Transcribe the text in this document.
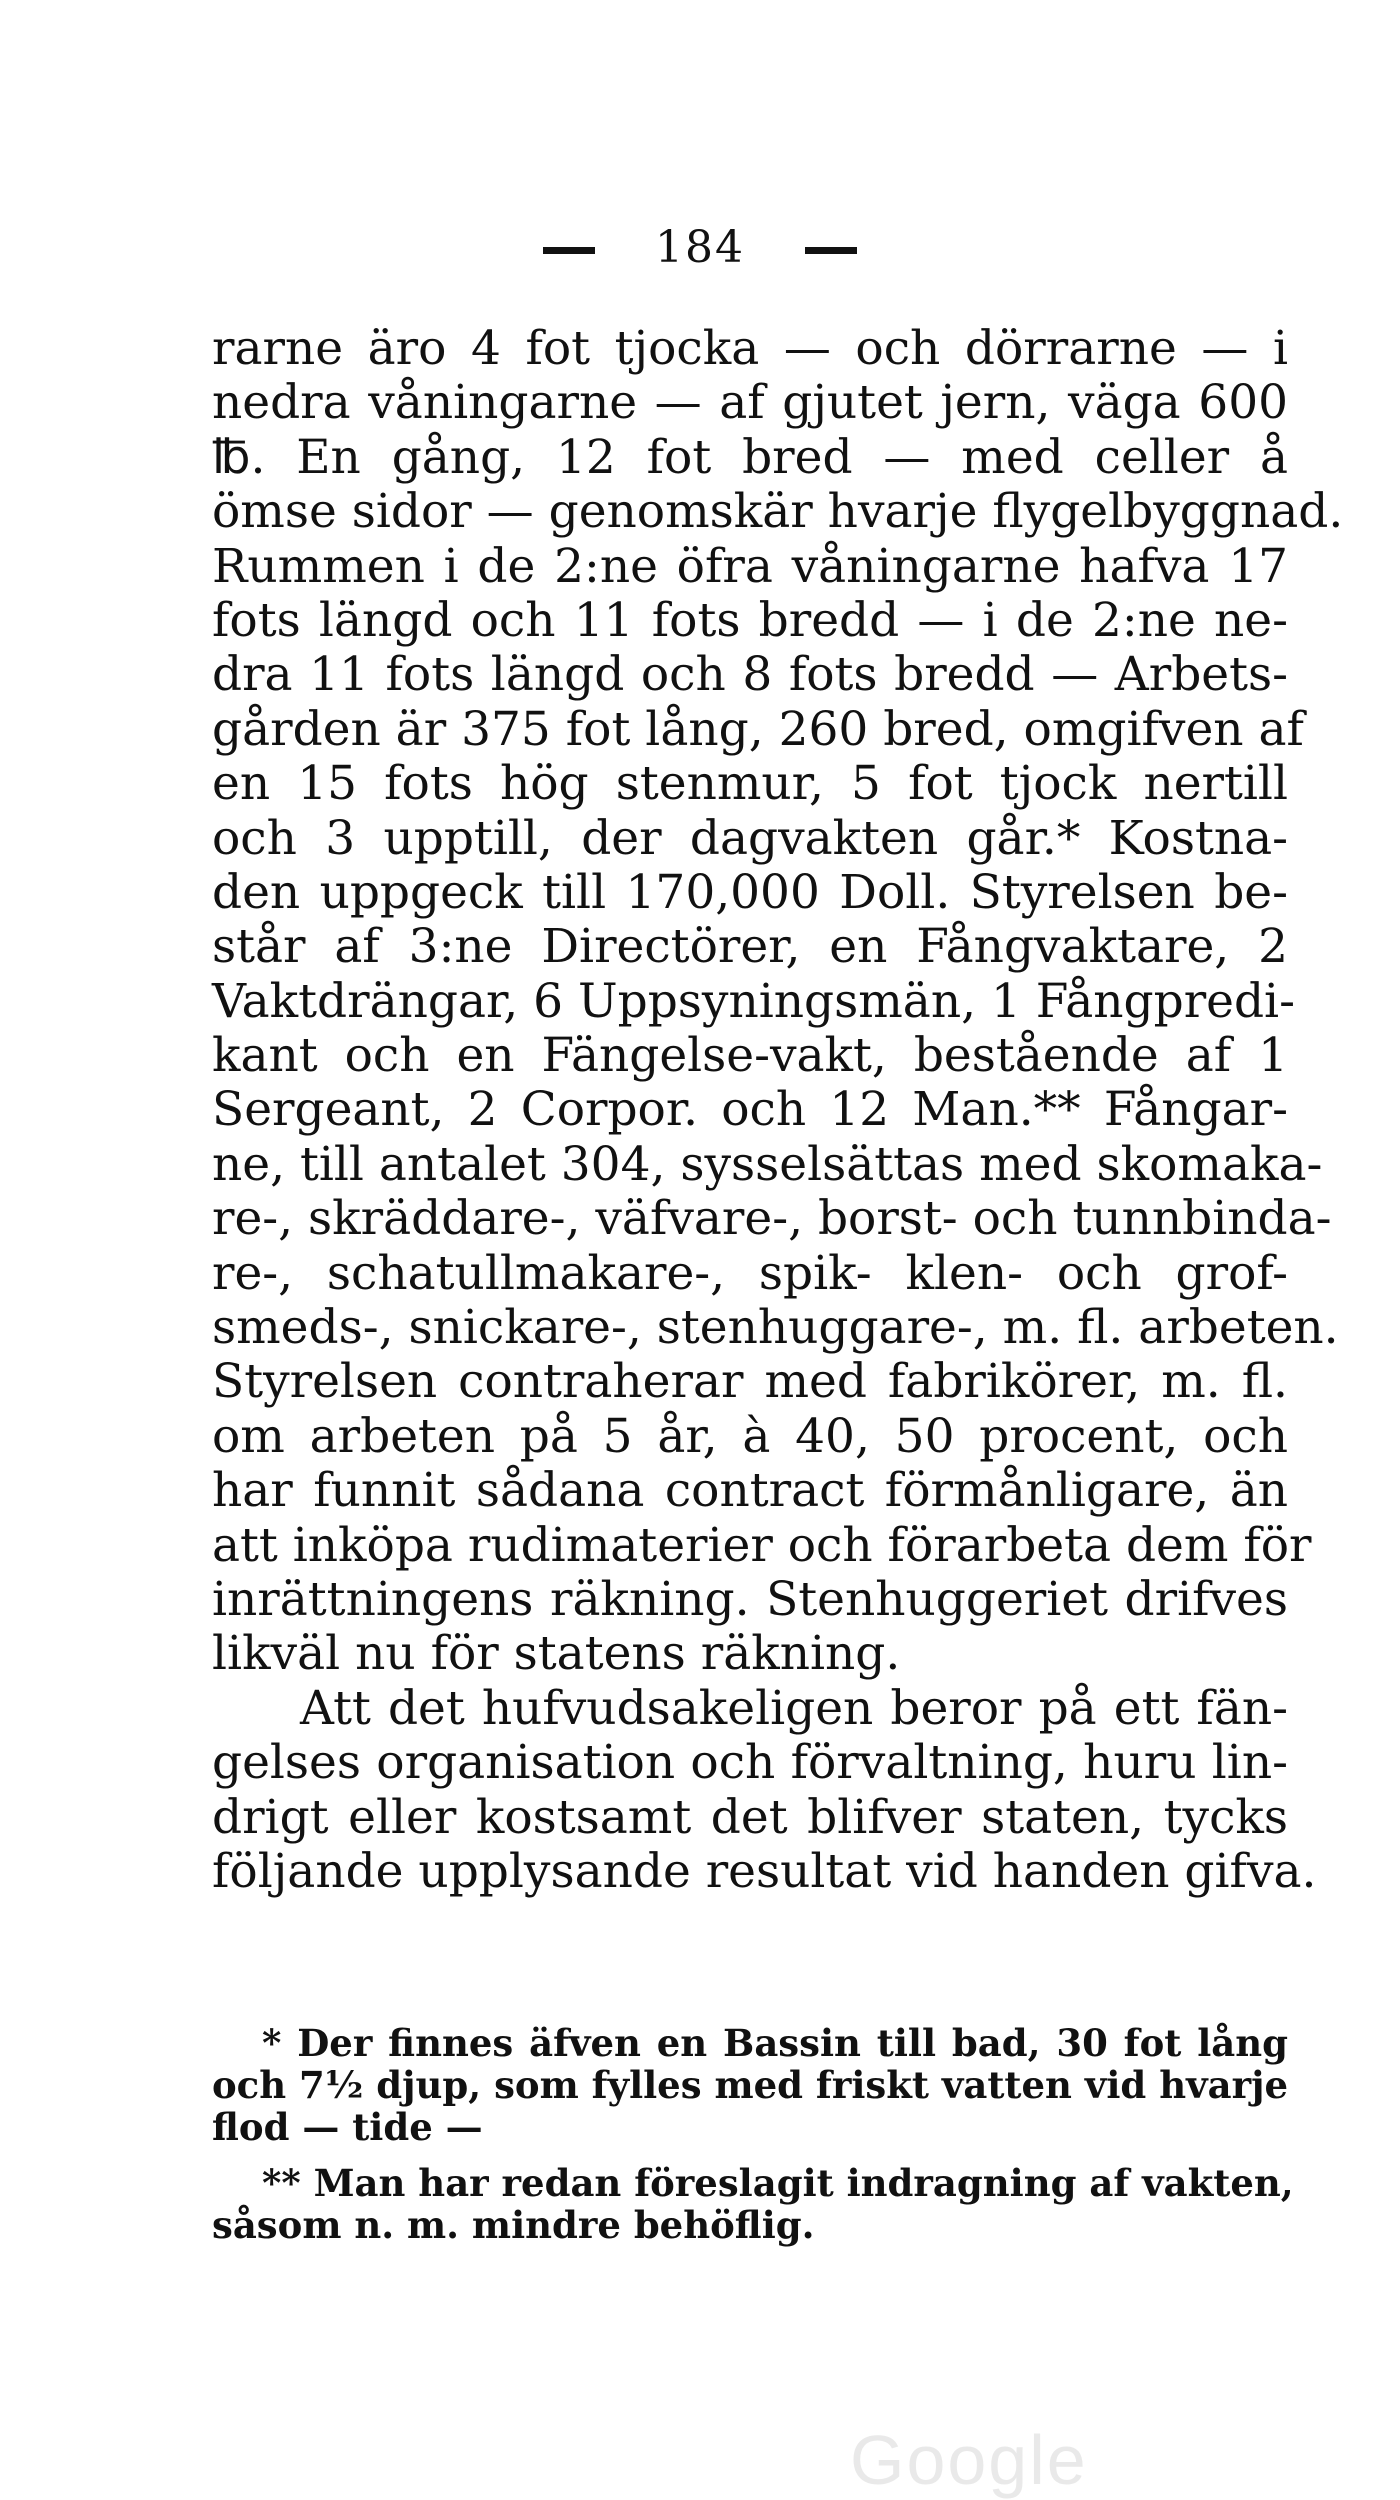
184
rarne äro 4 fot tjocka — och dörrarne — i
nedra våningarne — af gjutet jern, väga 600
℔. En gång, 12 fot bred — med celler å
ömse sidor — genomskär hvarje flygelbyggnad.
Rummen i de 2:ne öfra våningarne hafva 17
fots längd och 11 fots bredd — i de 2:ne ne-
dra 11 fots längd och 8 fots bredd — Arbets-
gården är 375 fot lång, 260 bred, omgifven af
en 15 fots hög stenmur, 5 fot tjock nertill
och 3 upptill, der dagvakten går.* Kostna-
den uppgeck till 170,000 Doll. Styrelsen be-
står af 3:ne Directörer, en Fångvaktare, 2
Vaktdrängar, 6 Uppsyningsmän, 1 Fångpredi-
kant och en Fängelse-vakt, bestående af 1
Sergeant, 2 Corpor. och 12 Man.** Fångar-
ne, till antalet 304, sysselsättas med skomaka-
re-, skräddare-, väfvare-, borst- och tunnbinda-
re-, schatullmakare-, spik- klen- och grof-
smeds-, snickare-, stenhuggare-, m. fl. arbeten.
Styrelsen contraherar med fabrikörer, m. fl.
om arbeten på 5 år, à 40, 50 procent, och
har funnit sådana contract förmånligare, än
att inköpa rudimaterier och förarbeta dem för
inrättningens räkning. Stenhuggeriet drifves
likväl nu för statens räkning.
Att det hufvudsakeligen beror på ett fän-
gelses organisation och förvaltning, huru lin-
drigt eller kostsamt det blifver staten, tycks
följande upplysande resultat vid handen gifva.
* Der finnes äfven en Bassin till bad, 30 fot lång
och 7½ djup, som fylles med friskt vatten vid hvarje
flod — tide —
** Man har redan föreslagit indragning af vakten,
såsom n. m. mindre behöflig.
Google
